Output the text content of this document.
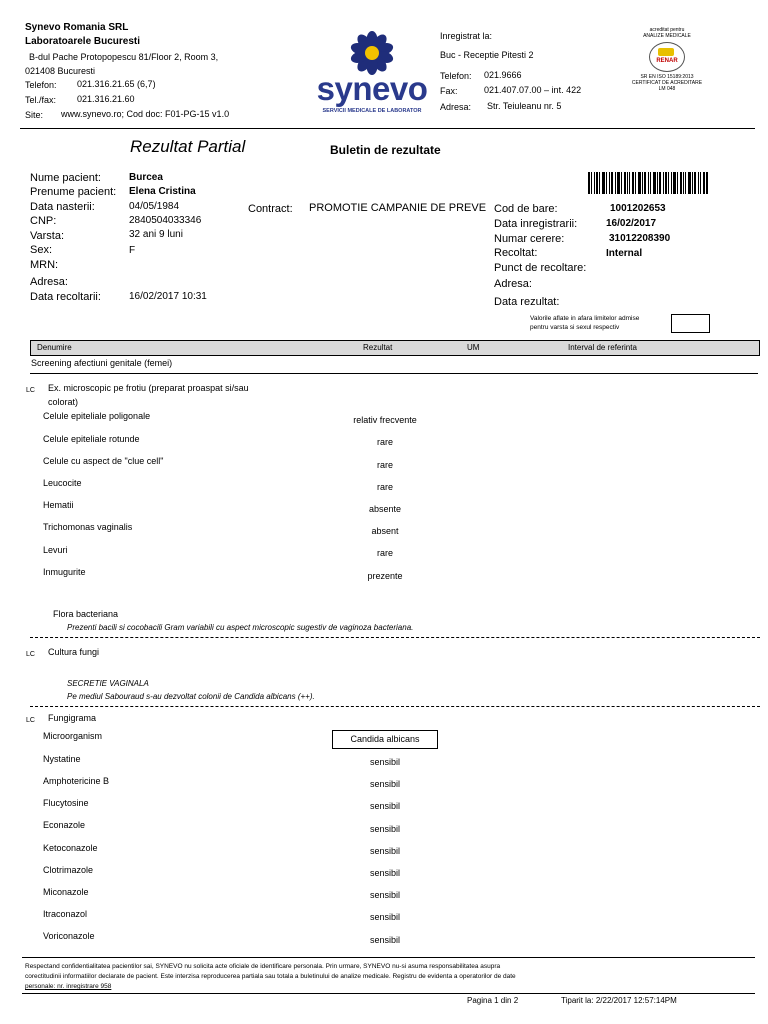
Synevo Romania SRL
Laboratoarele Bucuresti
B-dul Pache Protopopescu 81/Floor 2, Room 3,
021408 Bucuresti
Telefon: 021.316.21.65 (6,7)
Tel./fax: 021.316.21.60
Site: www.synevo.ro; Cod doc: F01-PG-15 v1.0
synevo
SERVICII MEDICALE DE LABORATOR
Inregistrat la:
Buc - Receptie Pitesti 2
Telefon: 021.9666
Fax:	021.407.07.00 – int. 422
Adresa: Str. Teiuleanu nr. 5
acreditat pentru
ANALIZE MEDICALE
RENAR
SR EN ISO 15189:2013
CERTIFICAT DE ACREDITARE
LM 048
Rezultat Partial	Buletin de rezultate
Nume pacient:	Burcea
Prenume pacient: Elena Cristina
Data nasterii:	04/05/1984
CNP:	2840504033346
Varsta:	32 ani 9 luni
Sex:	F
MRN:
Adresa:
Data recoltarii:	16/02/2017 10:31
Contract: PROMOTIE CAMPANIE DE PREVE Cod de bare:	1001202653
Data inregistrarii:	16/02/2017
Numar cerere:	31012208390
Recoltat:	Internal
Punct de recoltare:
Adresa:
Data rezultat:
Valorile aflate in afara limitelor admise
pentru varsta si sexul respectiv
Denumire	Rezultat	UM	Interval de referinta
Screening afectiuni genitale (femei)
LC Ex. microscopic pe frotiu (preparat proaspat si/sau
colorat)
Celule epiteliale poligonale	relativ frecvente
Celule epiteliale rotunde	rare
Celule cu aspect de "clue cell"	rare
Leucocite	rare
Hematii	absente
Trichomonas vaginalis	absent
Levuri	rare
Inmugurite	prezente
Flora bacteriana
Prezenti bacili si cocobacili Gram variabili cu aspect microscopic sugestiv de vaginoza bacteriana.
LC Cultura fungi
SECRETIE VAGINALA
Pe mediul Sabouraud s-au dezvoltat colonii de Candida albicans (++).
LC Fungigrama
Microorganism	Candida albicans
Nystatine	sensibil
Amphotericine B	sensibil
Flucytosine	sensibil
Econazole	sensibil
Ketoconazole	sensibil
Clotrimazole	sensibil
Miconazole	sensibil
Itraconazol	sensibil
Voriconazole	sensibil
Respectand confidentialitatea pacientilor sai, SYNEVO nu solicita acte oficiale de identificare personala. Prin urmare, SYNEVO nu-si asuma responsabilitatea asupra
corectitudinii informatiilor declarate de pacient. Este interzisa reproducerea partiala sau totala a buletinului de analize medicale. Registru de evidenta a operatorilor de date
personale: nr. inregistrare 958
Pagina 1 din 2	Tiparit la: 2/22/2017 12:57:14PM
